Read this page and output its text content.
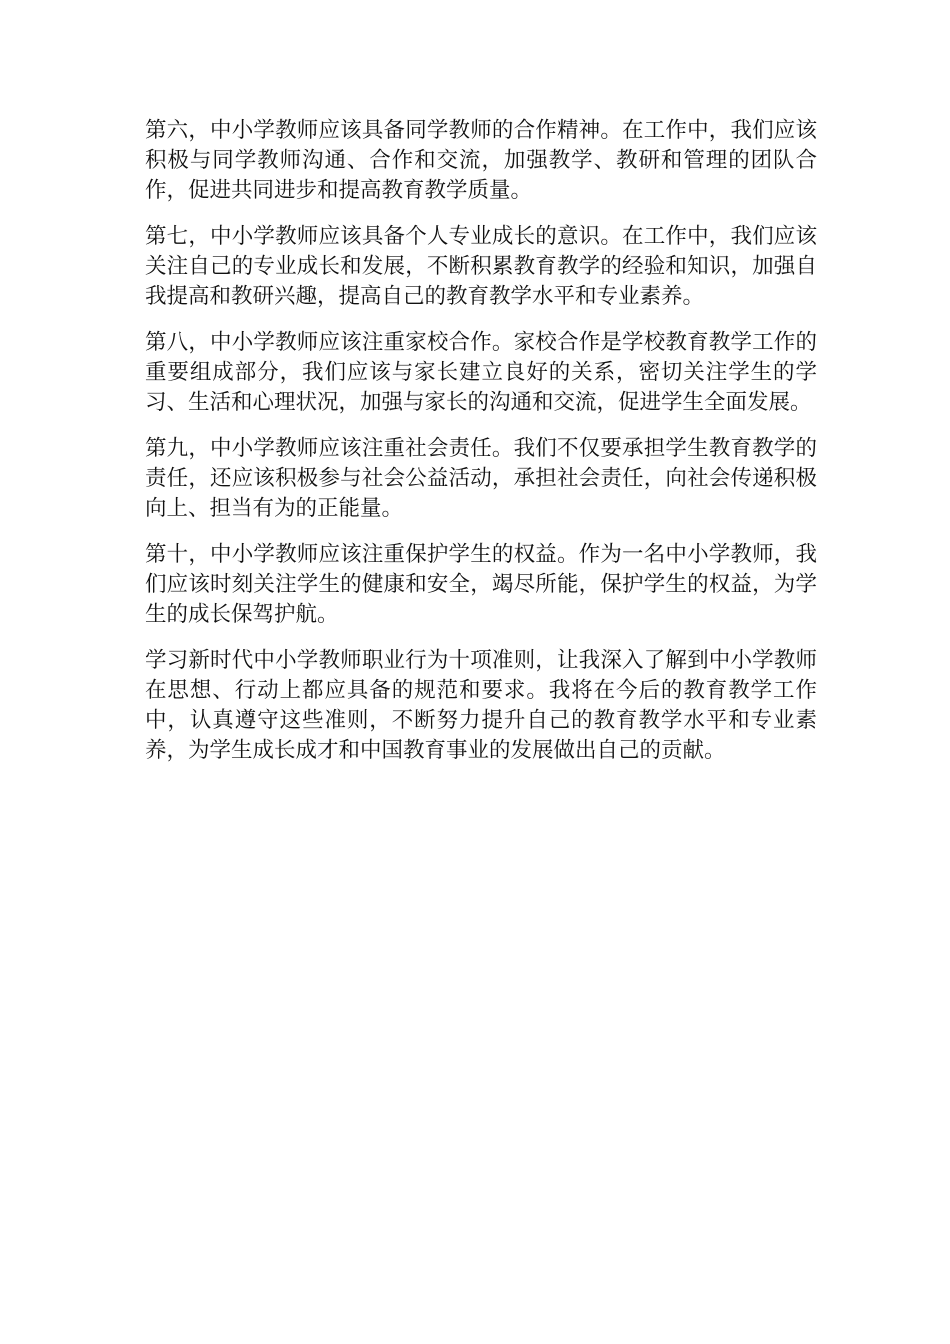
第六，中小学教师应该具备同学教师的合作精神。在工作中，我们应该积极与同学教师沟通、合作和交流，加强教学、教研和管理的团队合作，促进共同进步和提高教育教学质量。

第七，中小学教师应该具备个人专业成长的意识。在工作中，我们应该关注自己的专业成长和发展，不断积累教育教学的经验和知识，加强自我提高和教研兴趣，提高自己的教育教学水平和专业素养。

第八，中小学教师应该注重家校合作。家校合作是学校教育教学工作的重要组成部分，我们应该与家长建立良好的关系，密切关注学生的学习、生活和心理状况，加强与家长的沟通和交流，促进学生全面发展。

第九，中小学教师应该注重社会责任。我们不仅要承担学生教育教学的责任，还应该积极参与社会公益活动，承担社会责任，向社会传递积极向上、担当有为的正能量。

第十，中小学教师应该注重保护学生的权益。作为一名中小学教师，我们应该时刻关注学生的健康和安全，竭尽所能，保护学生的权益，为学生的成长保驾护航。

学习新时代中小学教师职业行为十项准则，让我深入了解到中小学教师在思想、行动上都应具备的规范和要求。我将在今后的教育教学工作中，认真遵守这些准则，不断努力提升自己的教育教学水平和专业素养，为学生成长成才和中国教育事业的发展做出自己的贡献。
